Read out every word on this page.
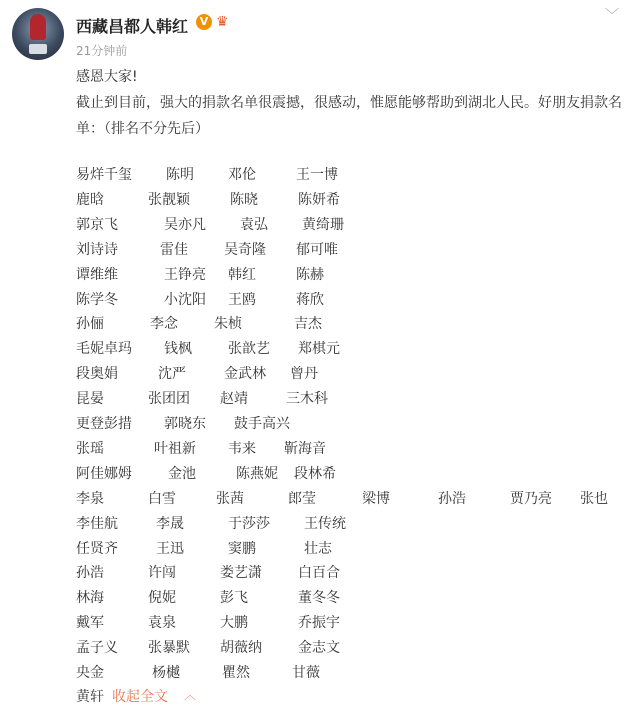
西藏昌都人韩红	V ♛
21分钟前
﹀
感恩大家!
截止到目前，强大的捐款名单很震撼，很感动，惟愿能够帮助到湖北人民。好朋友捐款名单：（排名不分先后）
易烊千玺 陈明 邓伦	王一博
鹿晗	张靓颖	陈晓	陈妍希
郭京飞	吴亦凡 袁弘 黄绮珊
刘诗诗	雷佳	吴奇隆 郁可唯
谭维维	王铮亮 韩红	陈赫
陈学冬	小沈阳 王鸥	蒋欣
孙俪	李念	朱桢	吉杰
毛妮卓玛 钱枫	张歆艺 郑棋元
段奥娟	沈严	金武林 曾丹
昆晏	张团团 赵靖	三木科
更登彭措 郭晓东 鼓手高兴
张瑶	叶祖新 韦来 靳海音
阿佳娜姆	金池	陈燕妮 段林希
李泉	白雪	张茜	郎莹	梁博	孙浩	贾乃亮 张也
李佳航	李晟	于莎莎 王传统
任贤齐	王迅	窦鹏	壮志
孙浩	许闯	娄艺潇	白百合
林海	倪妮	彭飞	董冬冬
戴军	袁泉	大鹏	乔振宇
孟子义 张暴默 胡薇纳	金志文
央金	杨樾	瞿然	甘薇
黄轩 收起全文 ︿
